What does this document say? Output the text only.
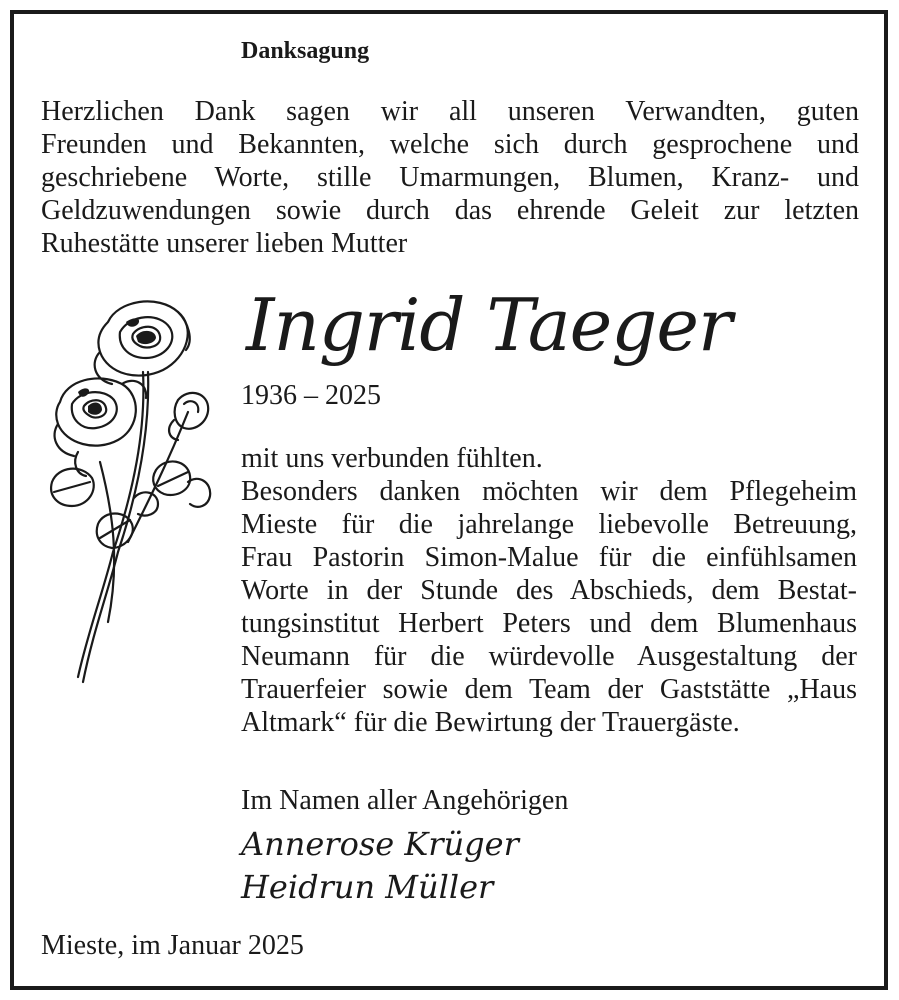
Danksagung
Herzlichen Dank sagen wir all unseren Verwandten, guten
Freunden und Bekannten, welche sich durch gesprochene und
geschriebene Worte, stille Umarmungen, Blumen, Kranz- und
Geldzuwendungen sowie durch das ehrende Geleit zur letzten
Ruhestätte unserer lieben Mutter
Ingrid Taeger
1936 – 2025
mit uns verbunden fühlten.
Besonders danken möchten wir dem Pflegeheim
Mieste für die jahrelange liebevolle Betreuung,
Frau Pastorin Simon-Malue für die einfühlsamen
Worte in der Stunde des Abschieds, dem Bestat-
tungsinstitut Herbert Peters und dem Blumenhaus
Neumann für die würdevolle Ausgestaltung der
Trauerfeier sowie dem Team der Gaststätte „Haus
Altmark“ für die Bewirtung der Trauergäste.
Im Namen aller Angehörigen
Annerose Krüger
Heidrun Müller
Mieste, im Januar 2025
